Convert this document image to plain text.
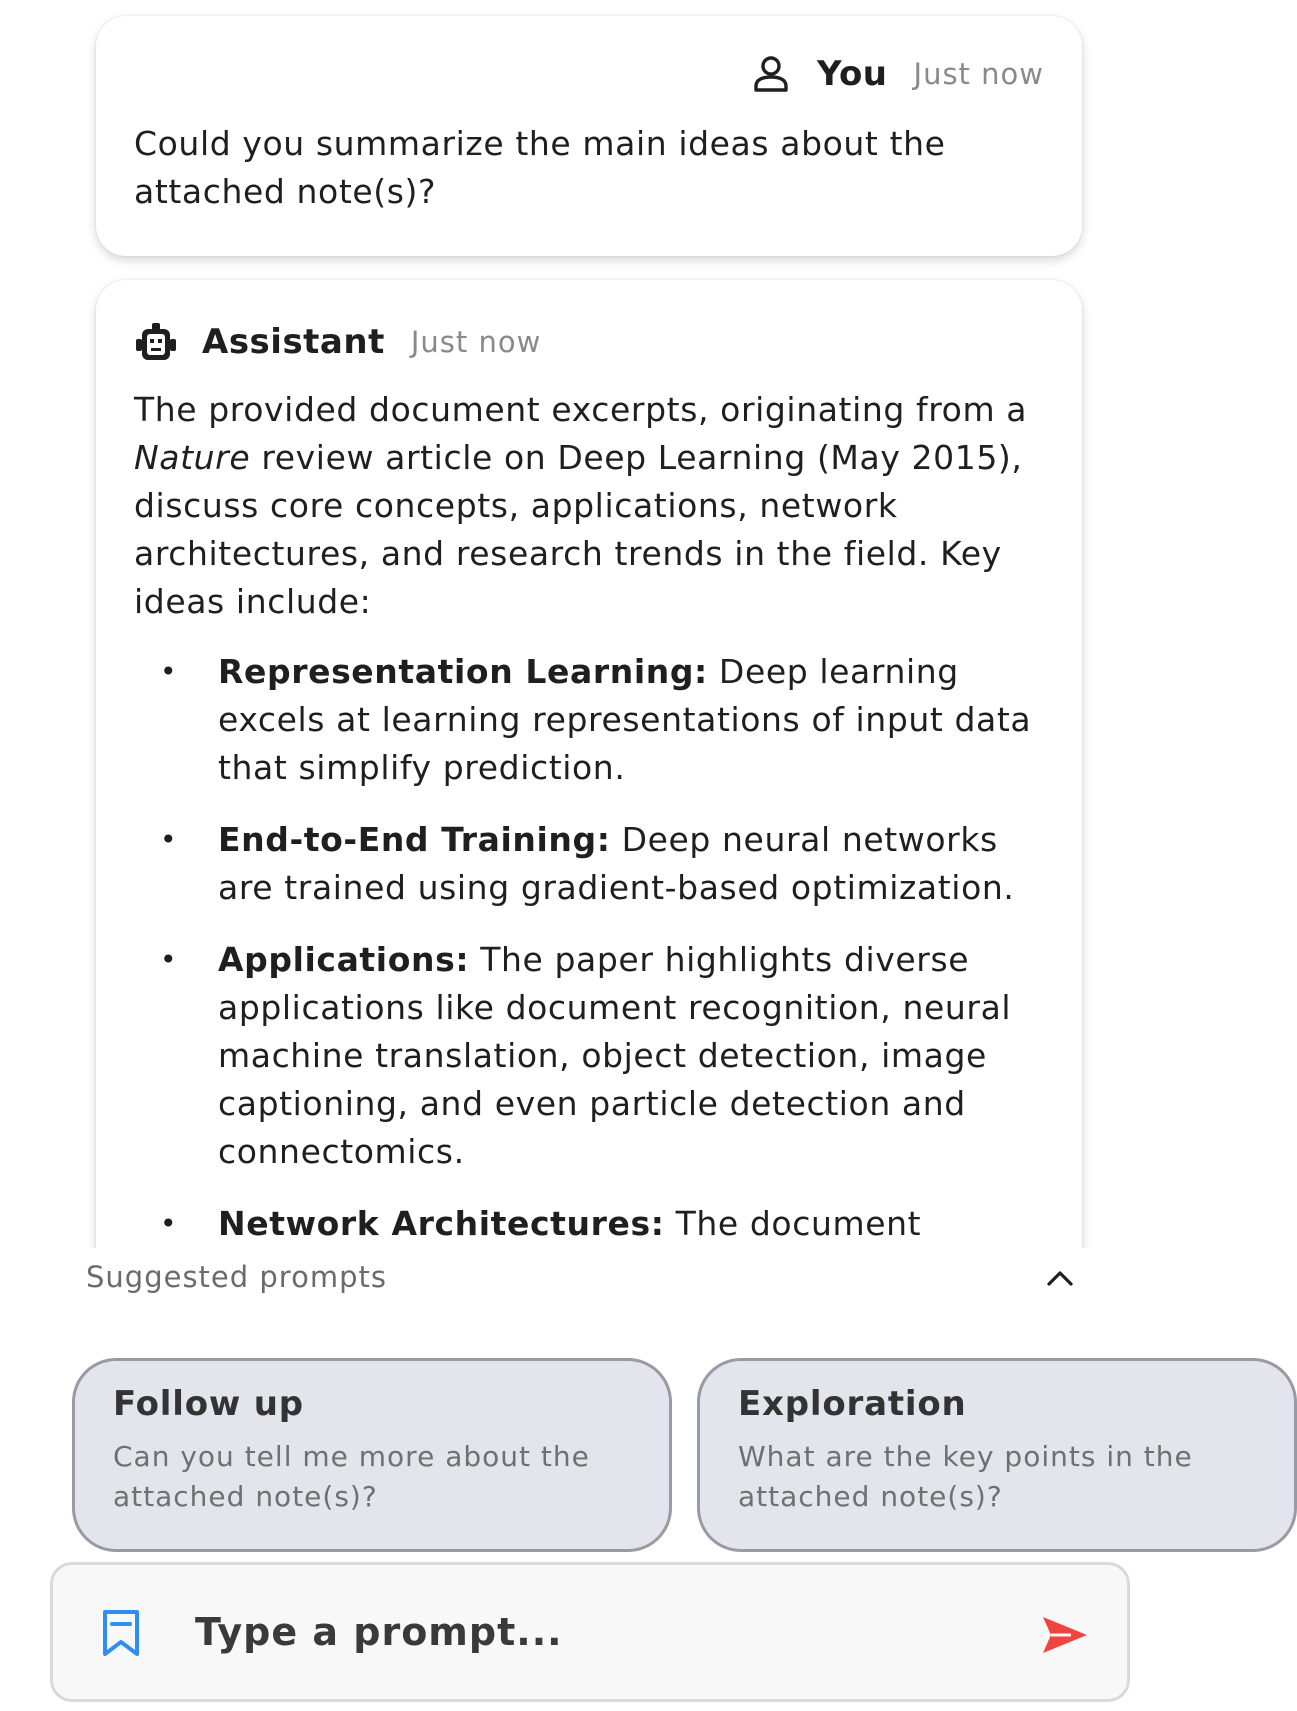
You Just now
Could you summarize the main ideas about the attached note(s)?
Assistant Just now
The provided document excerpts, originating from a Nature review article on Deep Learning (May 2015), discuss core concepts, applications, network architectures, and research trends in the field. Key ideas include:
• Representation Learning: Deep learning excels at learning representations of input data that simplify prediction.
• End-to-End Training: Deep neural networks are trained using gradient-based optimization.
• Applications: The paper highlights diverse applications like document recognition, neural machine translation, object detection, image captioning, and even particle detection and connectomics.
• Network Architectures: The document
Suggested prompts
Follow up
Can you tell me more about the
attached note(s)?
Exploration
What are the key points in the
attached note(s)?
Type a prompt...
